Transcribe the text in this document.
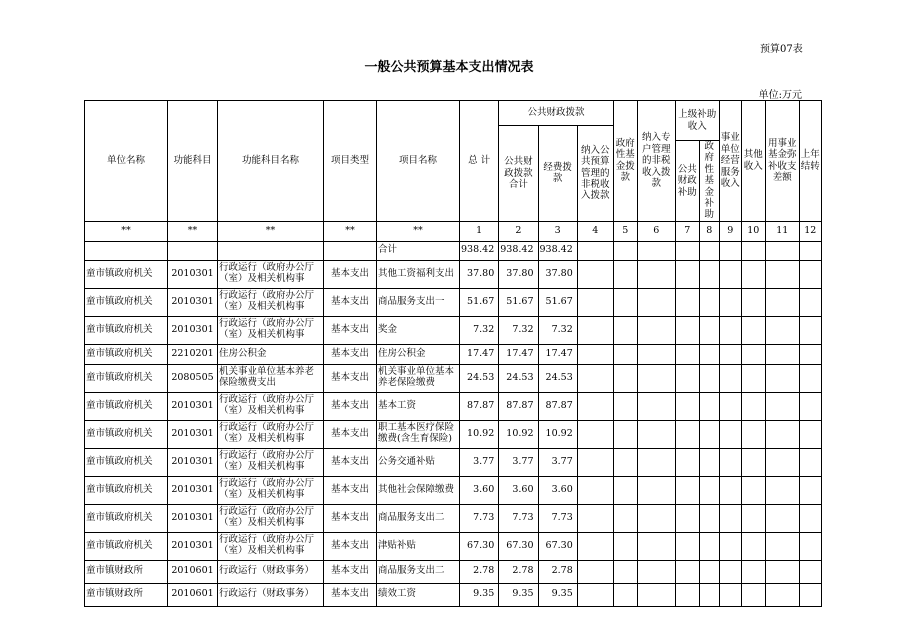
预算07表
一般公共预算基本支出情况表
单位:万元
单位名称	功能科目	功能科目名称	项目类型	项目名称	总 计	公共财政拨款			政府性基金拨款	纳入专户管理的非税收入拨款	上级补助收入		事业单位经营服务收入	其他收入	用事业基金弥补收支差额	上年结转

						公共财政拨款合计	经费拨款	纳入公共预算管理的非税收入拨款								

											公共财政补助	政府性基金补助				

**	**	**	**	**	1	2	3	4	5	6	7	8	9	10	11	12
				合计	938.42	938.42	938.42									
童市镇政府机关	2010301	行政运行（政府办公厅（室）及相关机构事	基本支出	其他工资福利支出	37.80	37.80	37.80									
童市镇政府机关	2010301	行政运行（政府办公厅（室）及相关机构事	基本支出	商品服务支出一	51.67	51.67	51.67									
童市镇政府机关	2010301	行政运行（政府办公厅（室）及相关机构事	基本支出	奖金	7.32	7.32	7.32									
童市镇政府机关	2210201	住房公积金	基本支出	住房公积金	17.47	17.47	17.47									
童市镇政府机关	2080505	机关事业单位基本养老保险缴费支出	基本支出	机关事业单位基本养老保险缴费	24.53	24.53	24.53									
童市镇政府机关	2010301	行政运行（政府办公厅（室）及相关机构事	基本支出	基本工资	87.87	87.87	87.87									
童市镇政府机关	2010301	行政运行（政府办公厅（室）及相关机构事	基本支出	职工基本医疗保险缴费(含生育保险)	10.92	10.92	10.92									
童市镇政府机关	2010301	行政运行（政府办公厅（室）及相关机构事	基本支出	公务交通补贴	3.77	3.77	3.77									
童市镇政府机关	2010301	行政运行（政府办公厅（室）及相关机构事	基本支出	其他社会保障缴费	3.60	3.60	3.60									
童市镇政府机关	2010301	行政运行（政府办公厅（室）及相关机构事	基本支出	商品服务支出二	7.73	7.73	7.73									
童市镇政府机关	2010301	行政运行（政府办公厅（室）及相关机构事	基本支出	津贴补贴	67.30	67.30	67.30									
童市镇财政所	2010601	行政运行（财政事务）	基本支出	商品服务支出二	2.78	2.78	2.78									
童市镇财政所	2010601	行政运行（财政事务）	基本支出	绩效工资	9.35	9.35	9.35									
